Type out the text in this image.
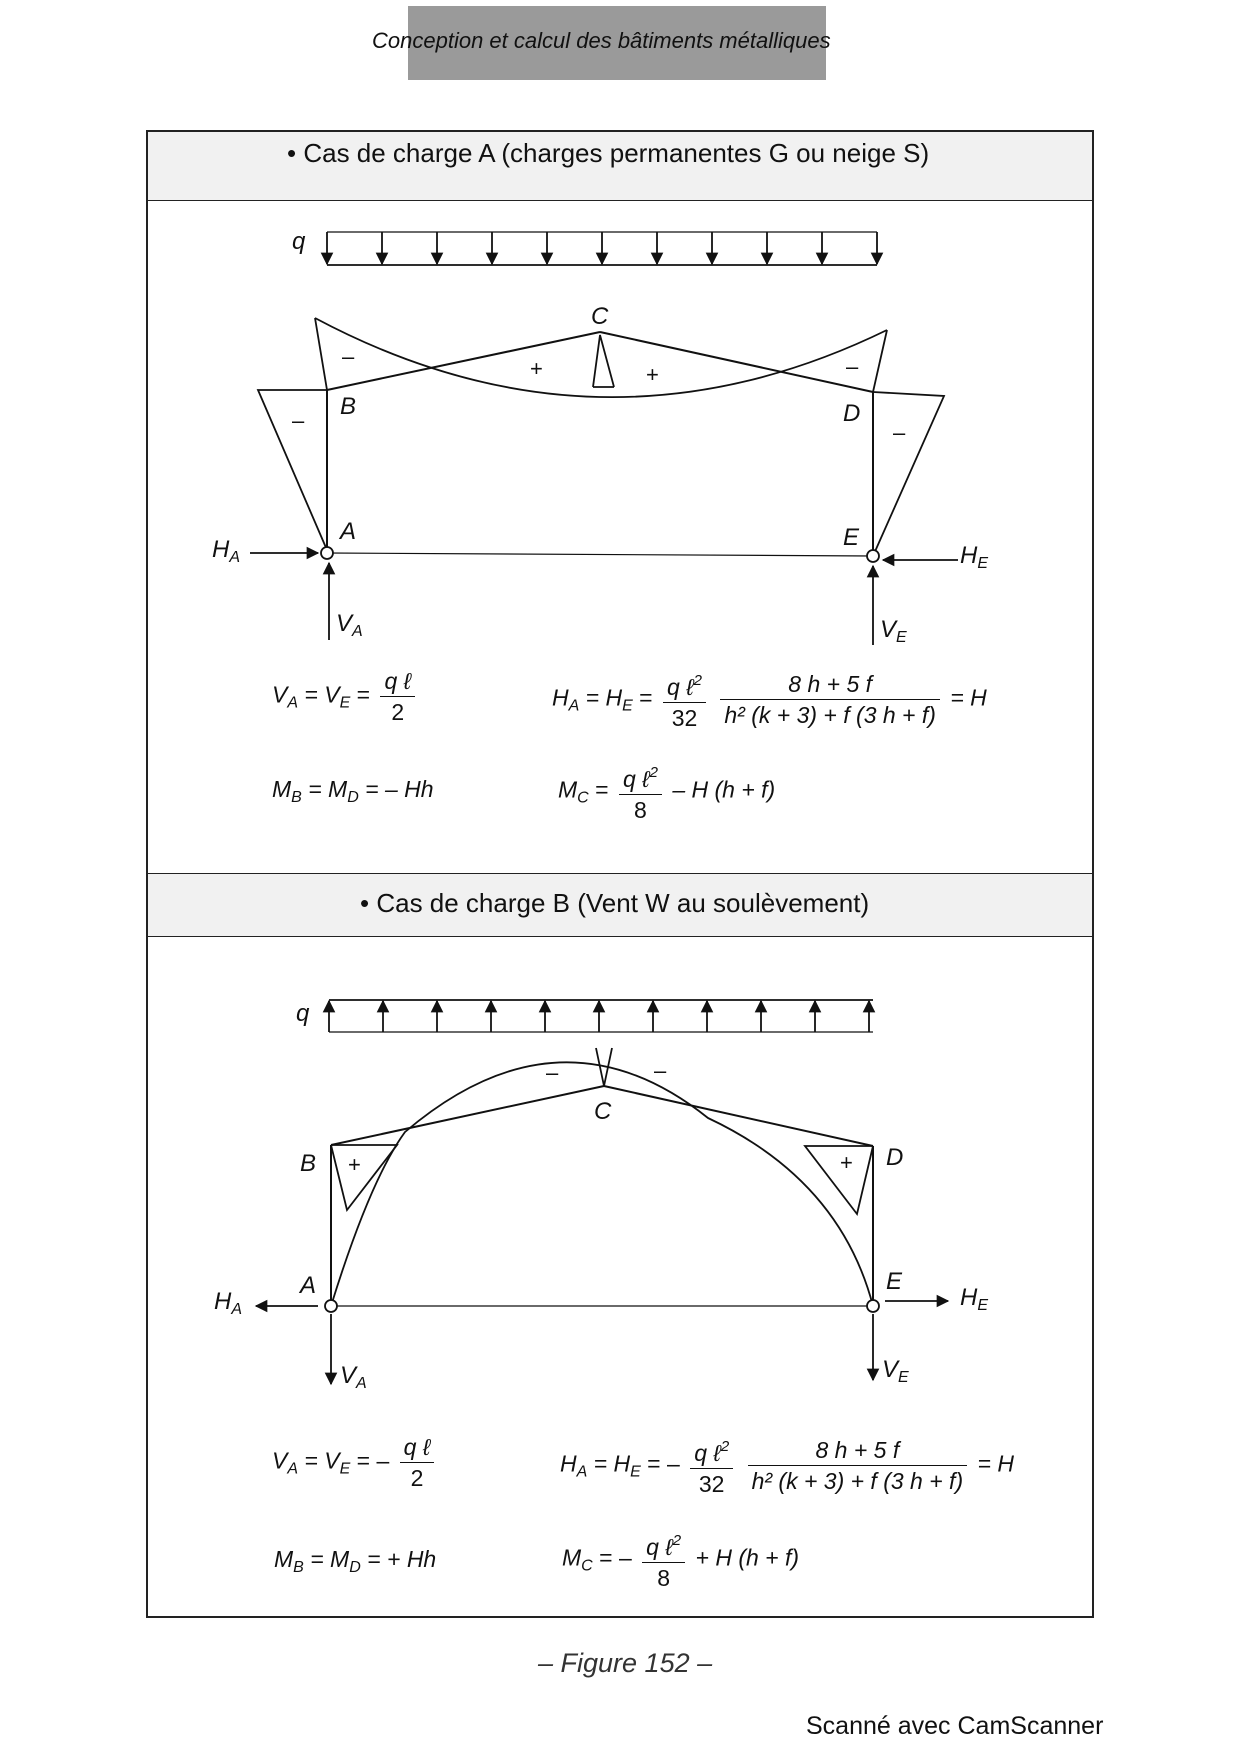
Conception et calcul des bâtiments métalliques
• Cas de charge A (charges permanentes G ou neige S)
• Cas de charge B (Vent W au soulèvement)
q
C
B	D
A	E
$H_A$	$H_E$
$V_A$	$V_E$
–
–
+	+	–
–
$V_A = V_E = \frac{\text{q ℓ}}{2}$	$H_A = H_E = \frac{q \ell^2}{32}$
$\frac{8 h + 5 f}{\text{h² (k + 3) + f (3 h + f)}} = H$
$M_B = M_D$ = – Hh	$M_C = \frac{q \ell^2}{8} - H$ (h + f)
q
C
B	D
A	E
$H_A$	$H_E$
$V_A$
$V_E$
–	–
+	+
$V_A = V_E$ = – $\frac{\text{q ℓ}}{2}$	$H_A = H_E$ = – $\frac{q \ell^2}{32}$
$\frac{8 h + 5 f}{\text{h² (k + 3) + f (3 h + f)}} = H$
$M_B = M_D$ = + Hh	$M_C$ = – $\frac{q \ell^2}{8} + H$ (h + f)
– Figure 152 –
Scanné avec CamScanner
